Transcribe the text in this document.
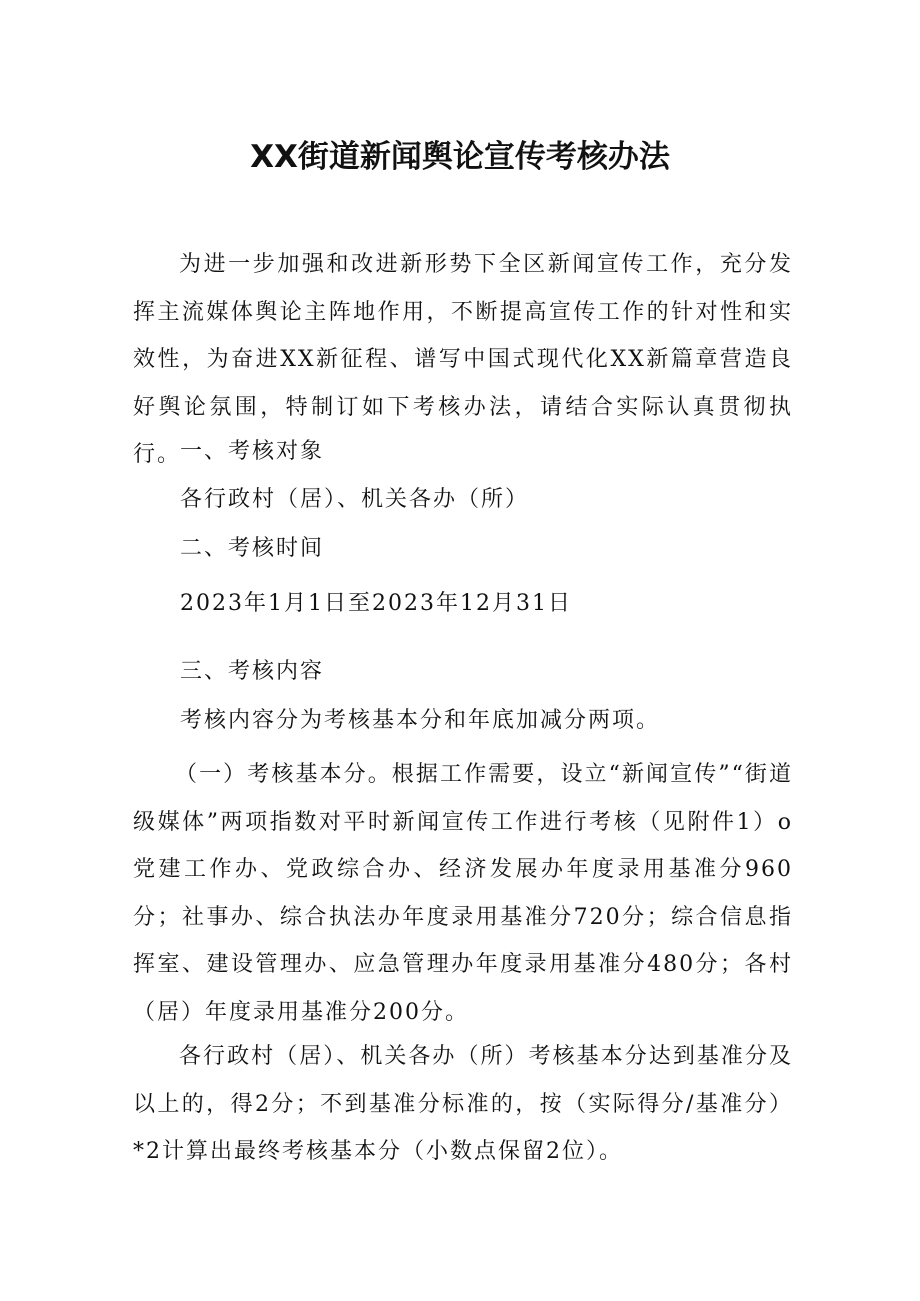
XX街道新闻舆论宣传考核办法

为进一步加强和改进新形势下全区新闻宣传工作，充分发挥主流媒体舆论主阵地作用，不断提高宣传工作的针对性和实效性，为奋进XX新征程、谱写中国式现代化XX新篇章营造良好舆论氛围，特制订如下考核办法，请结合实际认真贯彻执行。

一、考核对象
各行政村（居）、机关各办（所）
二、考核时间
2023年1月1日至2023年12月31日
三、考核内容
考核内容分为考核基本分和年底加减分两项。

（一）考核基本分。根据工作需要，设立“新闻宣传”“街道级媒体”两项指数对平时新闻宣传工作进行考核（见附件1）o党建工作办、党政综合办、经济发展办年度录用基准分960分；社事办、综合执法办年度录用基准分720分；综合信息指挥室、建设管理办、应急管理办年度录用基准分480分；各村（居）年度录用基准分200分。

各行政村（居）、机关各办（所）考核基本分达到基准分及以上的，得2分；不到基准分标准的，按（实际得分/基准分）*2计算出最终考核基本分（小数点保留2位）。
